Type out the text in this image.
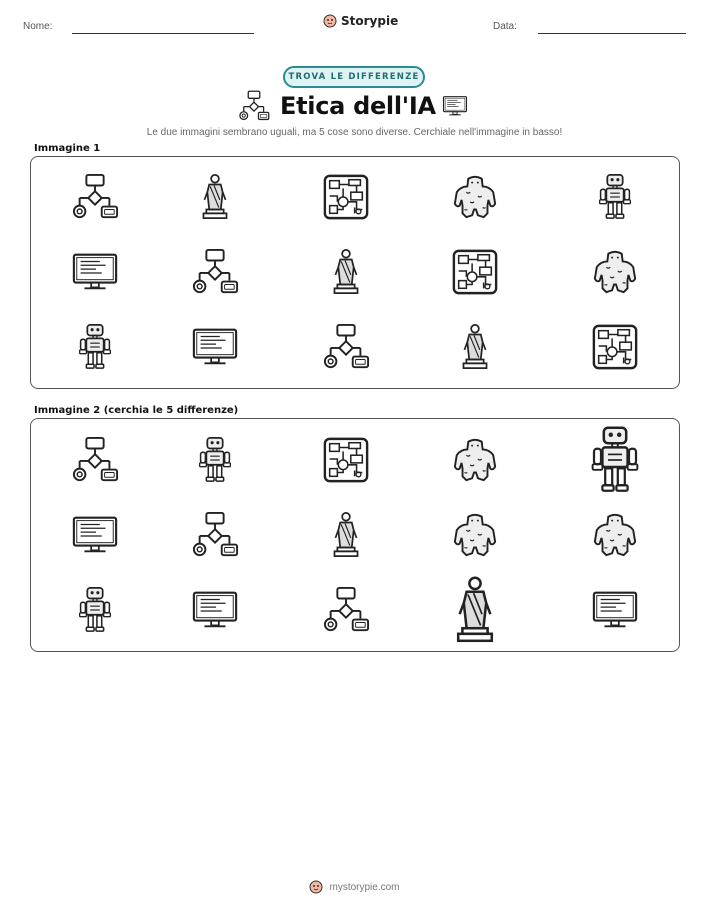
Nome:	Storypie	Data:
TROVA LE DIFFERENZE
Etica dell'IA
Le due immagini sembrano uguali, ma 5 cose sono diverse. Cerchiale nell'immagine in basso!
Immagine 1
Immagine 2 (cerchia le 5 differenze)
mystorypie.com
